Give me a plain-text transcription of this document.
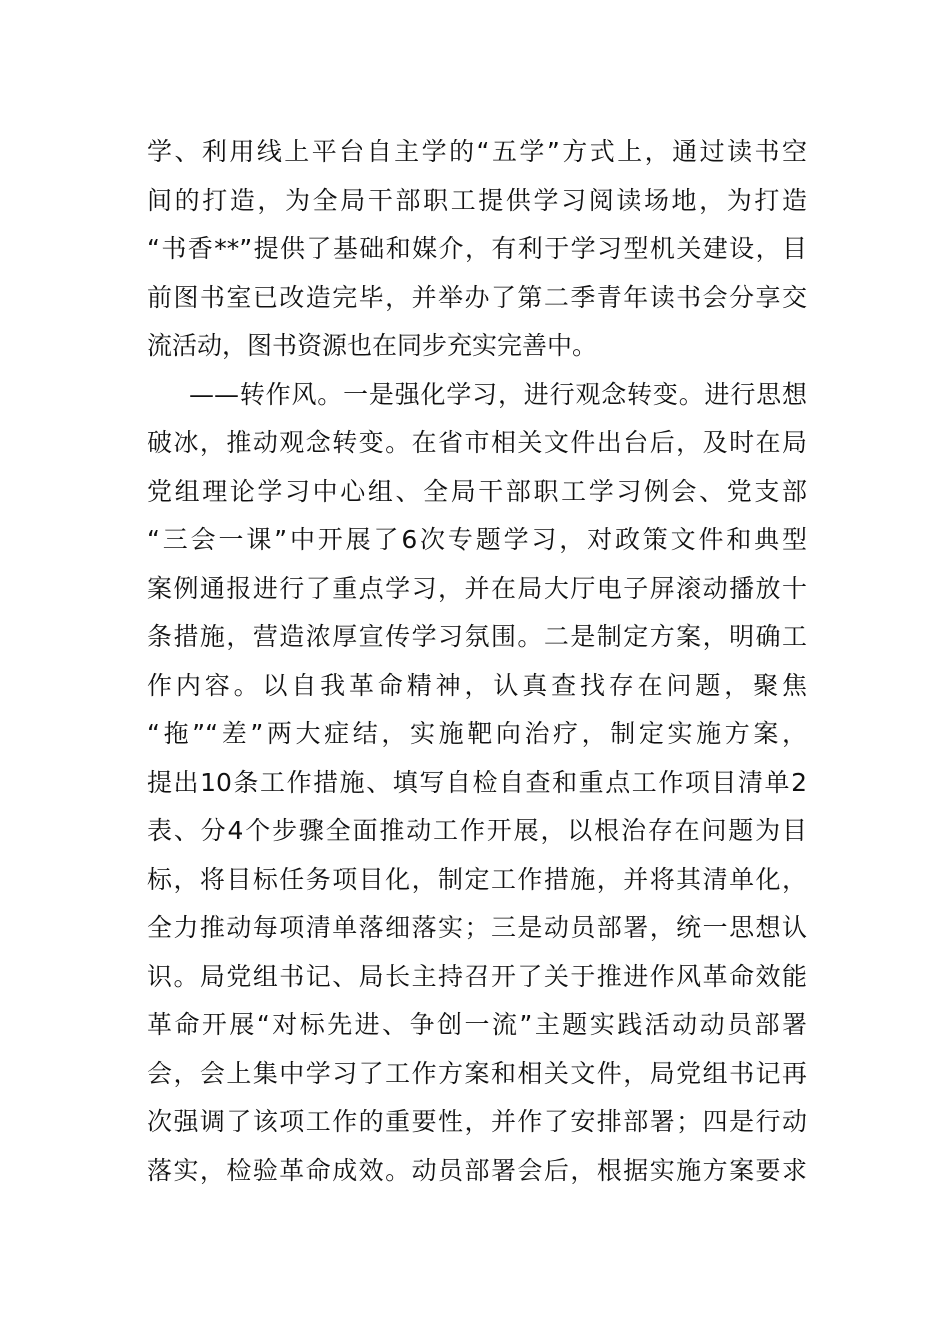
学、利用线上平台自主学的“五学”方式上，通过读书空
间的打造，为全局干部职工提供学习阅读场地，为打造
“书香**”提供了基础和媒介，有利于学习型机关建设，目
前图书室已改造完毕，并举办了第二季青年读书会分享交
流活动，图书资源也在同步充实完善中。
——转作风。一是强化学习，进行观念转变。进行思想
破冰，推动观念转变。在省市相关文件出台后，及时在局
党组理论学习中心组、全局干部职工学习例会、党支部
“三会一课”中开展了6次专题学习，对政策文件和典型
案例通报进行了重点学习，并在局大厅电子屏滚动播放十
条措施，营造浓厚宣传学习氛围。二是制定方案，明确工
作内容。以自我革命精神，认真查找存在问题，聚焦
“拖”“差”两大症结，实施靶向治疗，制定实施方案，
提出10条工作措施、填写自检自查和重点工作项目清单2
表、分4个步骤全面推动工作开展，以根治存在问题为目
标，将目标任务项目化，制定工作措施，并将其清单化，
全力推动每项清单落细落实；三是动员部署，统一思想认
识。局党组书记、局长主持召开了关于推进作风革命效能
革命开展“对标先进、争创一流”主题实践活动动员部署
会，会上集中学习了工作方案和相关文件，局党组书记再
次强调了该项工作的重要性，并作了安排部署；四是行动
落实，检验革命成效。动员部署会后，根据实施方案要求
